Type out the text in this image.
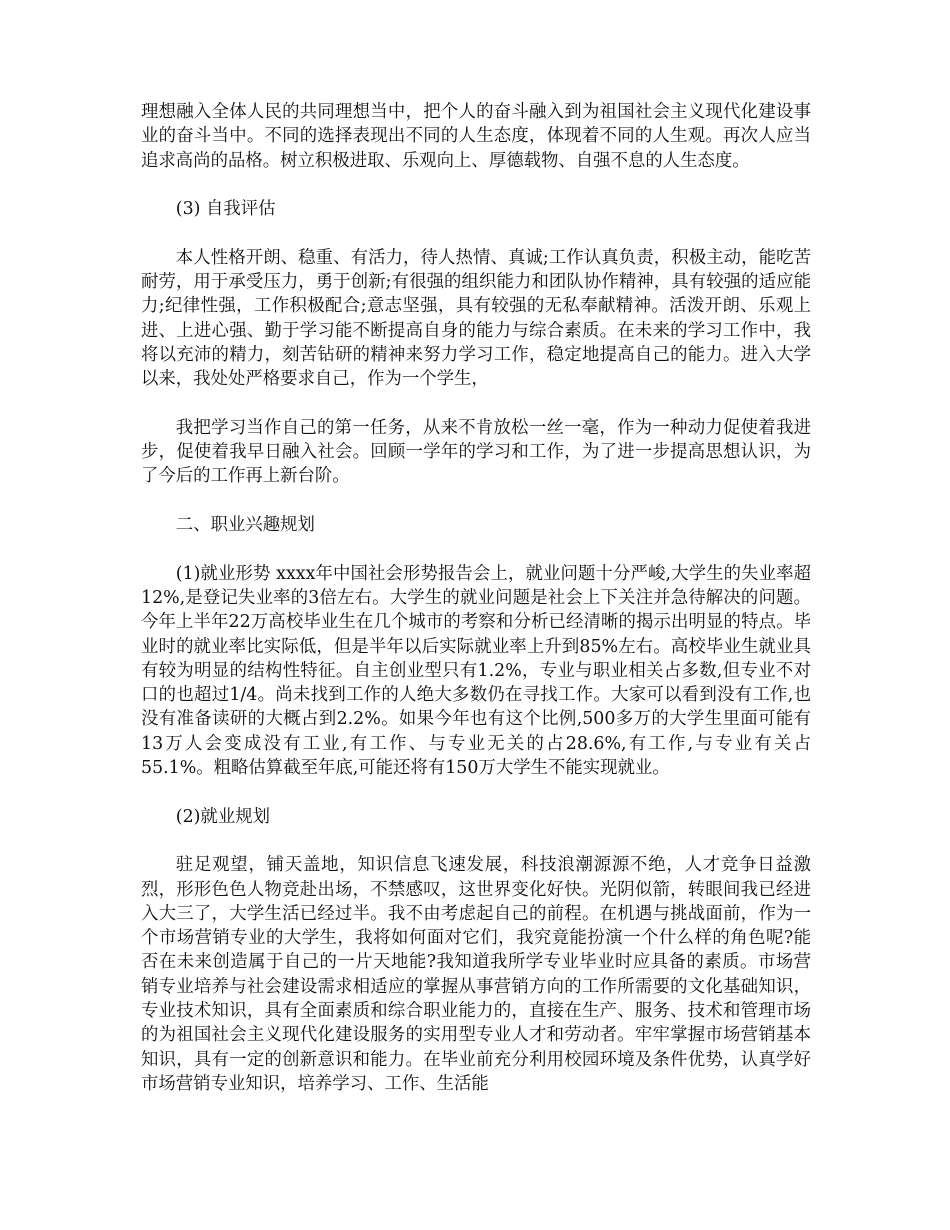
理想融入全体人民的共同理想当中，把个人的奋斗融入到为祖国社会主义现代化建设事业的奋斗当中。不同的选择表现出不同的人生态度，体现着不同的人生观。再次人应当追求高尚的品格。树立积极进取、乐观向上、厚德载物、自强不息的人生态度。

(3) 自我评估

本人性格开朗、稳重、有活力，待人热情、真诚;工作认真负责，积极主动，能吃苦耐劳，用于承受压力，勇于创新;有很强的组织能力和团队协作精神，具有较强的适应能力;纪律性强，工作积极配合;意志坚强，具有较强的无私奉献精神。活泼开朗、乐观上进、上进心强、勤于学习能不断提高自身的能力与综合素质。在未来的学习工作中，我将以充沛的精力，刻苦钻研的精神来努力学习工作，稳定地提高自己的能力。进入大学以来，我处处严格要求自己，作为一个学生，

我把学习当作自己的第一任务，从来不肯放松一丝一毫，作为一种动力促使着我进步，促使着我早日融入社会。回顾一学年的学习和工作，为了进一步提高思想认识，为了今后的工作再上新台阶。

二、职业兴趣规划

(1)就业形势 xxxx年中国社会形势报告会上，就业问题十分严峻,大学生的失业率超12%,是登记失业率的3倍左右。大学生的就业问题是社会上下关注并急待解决的问题。今年上半年22万高校毕业生在几个城市的考察和分析已经清晰的揭示出明显的特点。毕业时的就业率比实际低，但是半年以后实际就业率上升到85%左右。高校毕业生就业具有较为明显的结构性特征。自主创业型只有1.2%，专业与职业相关占多数,但专业不对口的也超过1/4。尚未找到工作的人绝大多数仍在寻找工作。大家可以看到没有工作,也没有准备读研的大概占到2.2%。如果今年也有这个比例,500多万的大学生里面可能有13万人会变成没有工业,有工作、与专业无关的占28.6%,有工作,与专业有关占55.1%。粗略估算截至年底,可能还将有150万大学生不能实现就业。

(2)就业规划

驻足观望，铺天盖地，知识信息飞速发展，科技浪潮源源不绝，人才竞争日益激烈，形形色色人物竞赴出场，不禁感叹，这世界变化好快。光阴似箭，转眼间我已经进入大三了，大学生活已经过半。我不由考虑起自己的前程。在机遇与挑战面前，作为一个市场营销专业的大学生，我将如何面对它们，我究竟能扮演一个什么样的角色呢?能否在未来创造属于自己的一片天地能?我知道我所学专业毕业时应具备的素质。市场营销专业培养与社会建设需求相适应的掌握从事营销方向的工作所需要的文化基础知识，专业技术知识，具有全面素质和综合职业能力的，直接在生产、服务、技术和管理市场的为祖国社会主义现代化建设服务的实用型专业人才和劳动者。牢牢掌握市场营销基本知识，具有一定的创新意识和能力。在毕业前充分利用校园环境及条件优势，认真学好市场营销专业知识，培养学习、工作、生活能
